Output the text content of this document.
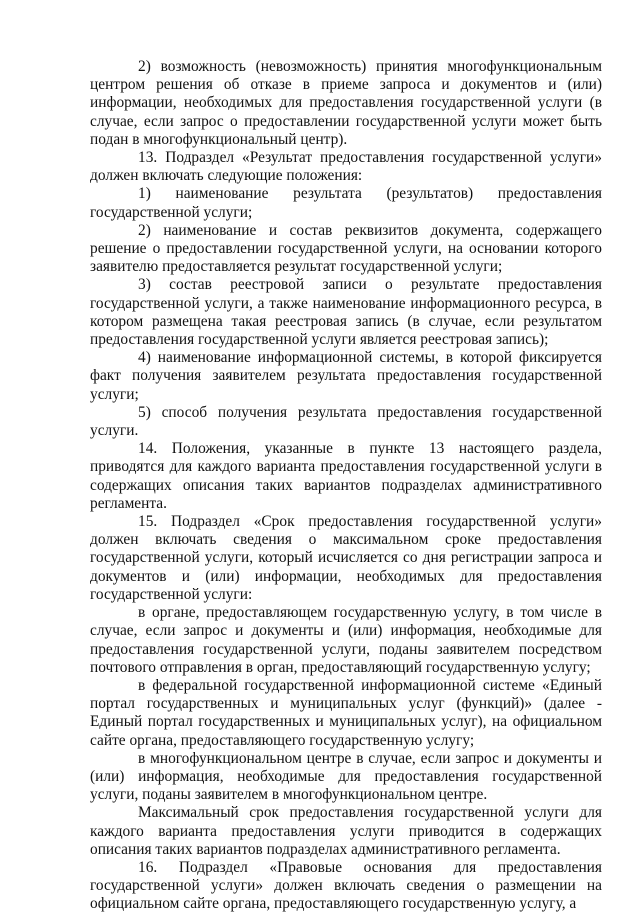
2) возможность (невозможность) принятия многофункциональным центром решения об отказе в приеме запроса и документов и (или) информации, необходимых для предоставления государственной услуги (в случае, если запрос о предоставлении государственной услуги может быть подан в многофункциональный центр).

13. Подраздел «Результат предоставления государственной услуги» должен включать следующие положения:

1) наименование результата (результатов) предоставления государственной услуги;

2) наименование и состав реквизитов документа, содержащего решение о предоставлении государственной услуги, на основании которого заявителю предоставляется результат государственной услуги;

3) состав реестровой записи о результате предоставления государственной услуги, а также наименование информационного ресурса, в котором размещена такая реестровая запись (в случае, если результатом предоставления государственной услуги является реестровая запись);

4) наименование информационной системы, в которой фиксируется факт получения заявителем результата предоставления государственной услуги;

5) способ получения результата предоставления государственной услуги.

14. Положения, указанные в пункте 13 настоящего раздела, приводятся для каждого варианта предоставления государственной услуги в содержащих описания таких вариантов подразделах административного регламента.

15. Подраздел «Срок предоставления государственной услуги» должен включать сведения о максимальном сроке предоставления государственной услуги, который исчисляется со дня регистрации запроса и документов и (или) информации, необходимых для предоставления государственной услуги:

в органе, предоставляющем государственную услугу, в том числе в случае, если запрос и документы и (или) информация, необходимые для предоставления государственной услуги, поданы заявителем посредством почтового отправления в орган, предоставляющий государственную услугу;

в федеральной государственной информационной системе «Единый портал государственных и муниципальных услуг (функций)» (далее - Единый портал государственных и муниципальных услуг), на официальном сайте органа, предоставляющего государственную услугу;

в многофункциональном центре в случае, если запрос и документы и (или) информация, необходимые для предоставления государственной услуги, поданы заявителем в многофункциональном центре.

Максимальный срок предоставления государственной услуги для каждого варианта предоставления услуги приводится в содержащих описания таких вариантов подразделах административного регламента.

16. Подраздел «Правовые основания для предоставления государственной услуги» должен включать сведения о размещении на официальном сайте органа, предоставляющего государственную услугу, а
